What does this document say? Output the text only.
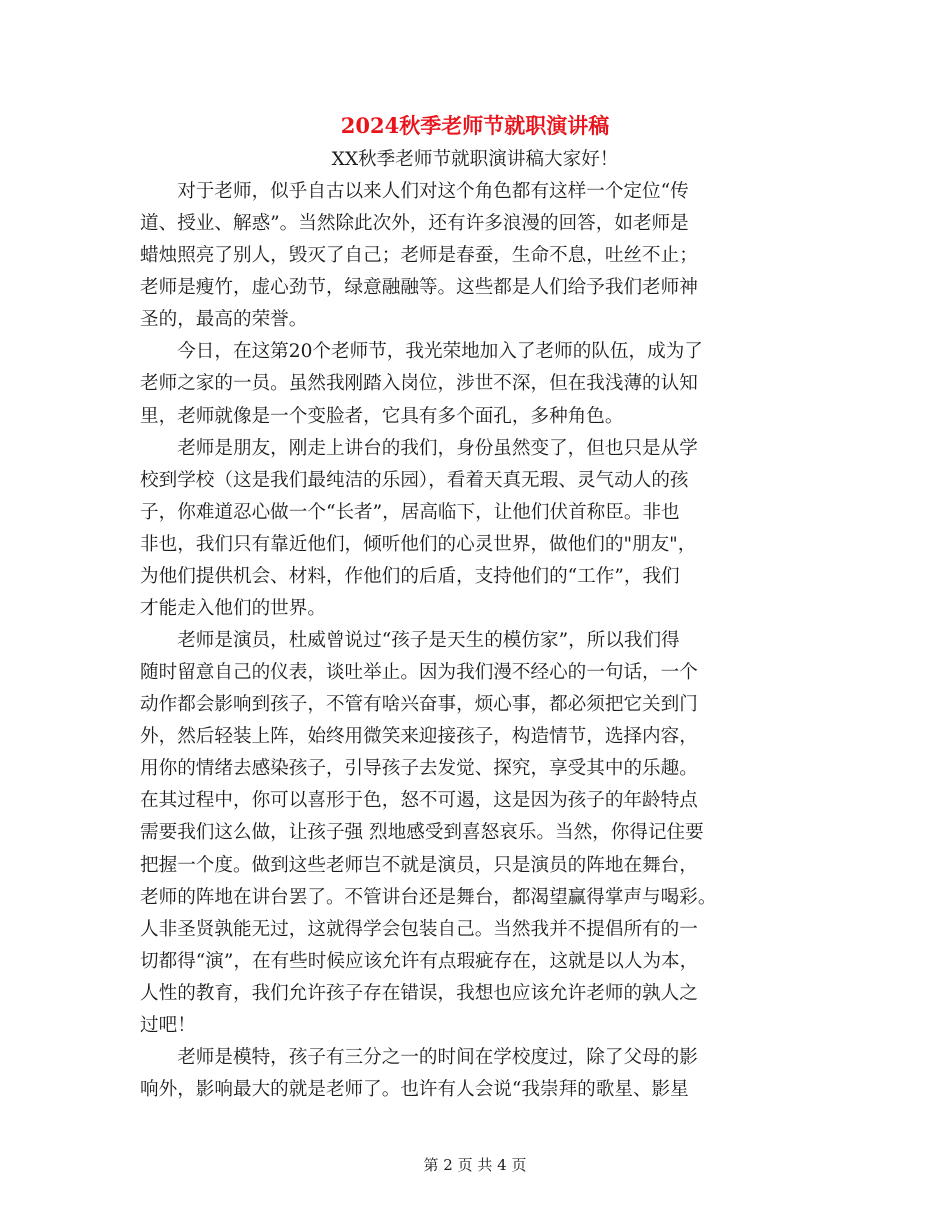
2024秋季老师节就职演讲稿
XX秋季老师节就职演讲稿大家好！
　　对于老师，似乎自古以来人们对这个角色都有这样一个定位“传
道、授业、解惑”。当然除此次外，还有许多浪漫的回答，如老师是
蜡烛照亮了别人，毁灭了自己；老师是春蚕，生命不息，吐丝不止；
老师是瘦竹，虚心劲节，绿意融融等。这些都是人们给予我们老师神
圣的，最高的荣誉。
　　今日，在这第20个老师节，我光荣地加入了老师的队伍，成为了
老师之家的一员。虽然我刚踏入岗位，涉世不深，但在我浅薄的认知
里，老师就像是一个变脸者，它具有多个面孔，多种角色。
　　老师是朋友，刚走上讲台的我们，身份虽然变了，但也只是从学
校到学校（这是我们最纯洁的乐园），看着天真无瑕、灵气动人的孩
子，你难道忍心做一个“长者”，居高临下，让他们伏首称臣。非也
非也，我们只有靠近他们，倾听他们的心灵世界，做他们的"朋友"，
为他们提供机会、材料，作他们的后盾，支持他们的“工作”，我们
才能走入他们的世界。
　　老师是演员，杜威曾说过“孩子是天生的模仿家”，所以我们得
随时留意自己的仪表，谈吐举止。因为我们漫不经心的一句话，一个
动作都会影响到孩子，不管有啥兴奋事，烦心事，都必须把它关到门
外，然后轻装上阵，始终用微笑来迎接孩子，构造情节，选择内容，
用你的情绪去感染孩子，引导孩子去发觉、探究，享受其中的乐趣。
在其过程中，你可以喜形于色，怒不可遏，这是因为孩子的年龄特点
需要我们这么做，让孩子强 烈地感受到喜怒哀乐。当然，你得记住要
把握一个度。做到这些老师岂不就是演员，只是演员的阵地在舞台，
老师的阵地在讲台罢了。不管讲台还是舞台，都渴望赢得掌声与喝彩。
人非圣贤孰能无过，这就得学会包装自己。当然我并不提倡所有的一
切都得“演”，在有些时候应该允许有点瑕疵存在，这就是以人为本，
人性的教育，我们允许孩子存在错误，我想也应该允许老师的孰人之
过吧！
　　老师是模特，孩子有三分之一的时间在学校度过，除了父母的影
响外，影响最大的就是老师了。也许有人会说“我崇拜的歌星、影星
第 2 页 共 4 页
